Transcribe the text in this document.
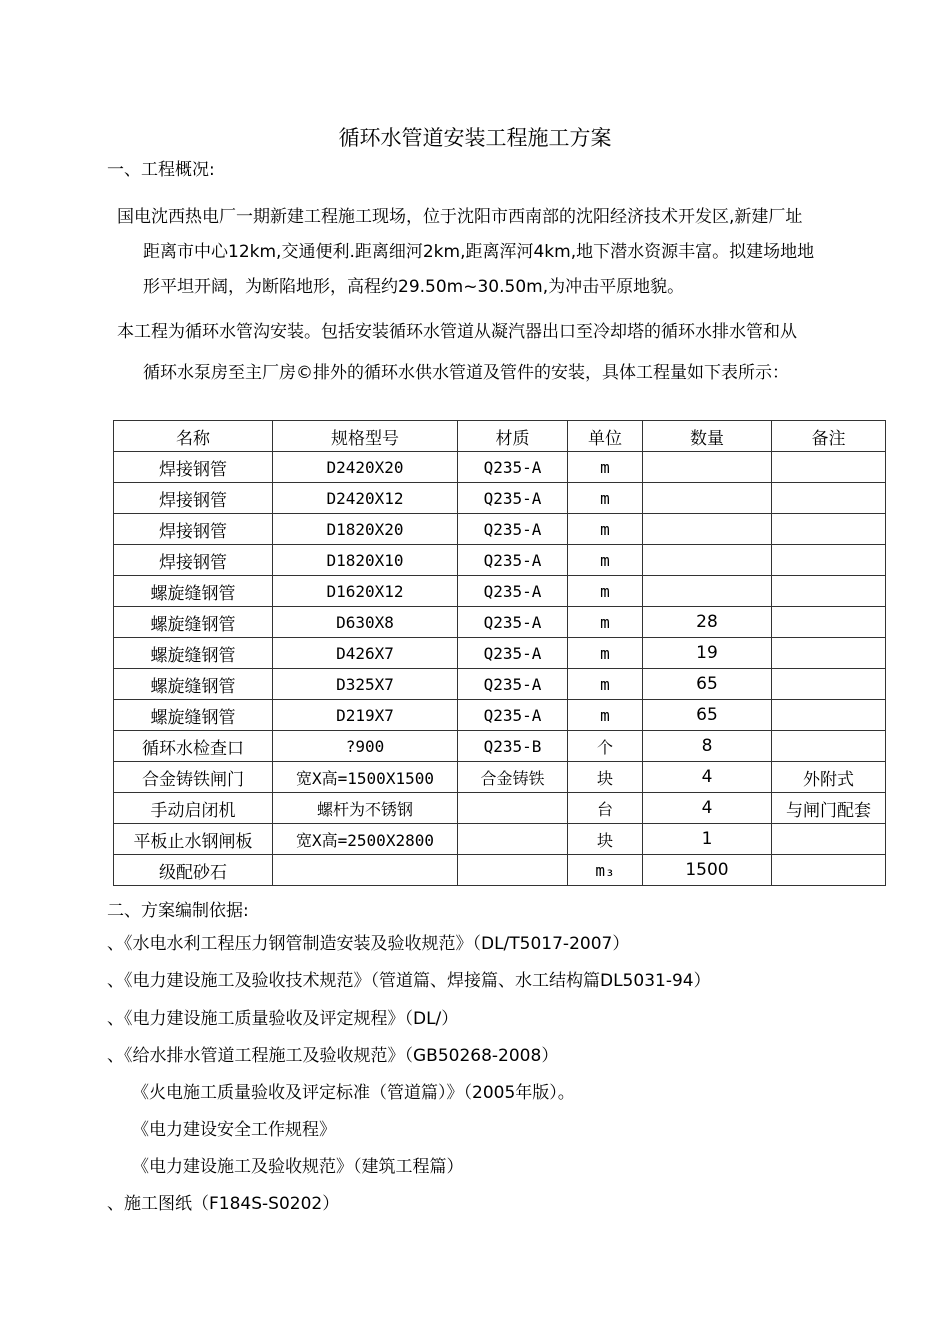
循环水管道安装工程施工方案
一、工程概况:
国电沈西热电厂一期新建工程施工现场，位于沈阳市西南部的沈阳经济技术开发区,新建厂址
距离市中心12km,交通便利.距离细河2km,距离浑河4km,地下潜水资源丰富。拟建场地地
形平坦开阔，为断陷地形，高程约29.50m~30.50m,为冲击平原地貌。
本工程为循环水管沟安装。包括安装循环水管道从凝汽器出口至冷却塔的循环水排水管和从
循环水泵房至主厂房©排外的循环水供水管道及管件的安装，具体工程量如下表所示：
名称	规格型号	材质	单位	数量	备注
焊接钢管	D2420X20	Q235-A	m		
焊接钢管	D2420X12	Q235-A	m		
焊接钢管	D1820X20	Q235-A	m		
焊接钢管	D1820X10	Q235-A	m		
螺旋缝钢管	D1620X12	Q235-A	m		
螺旋缝钢管	D630X8	Q235-A	m	28	
螺旋缝钢管	D426X7	Q235-A	m	19	
螺旋缝钢管	D325X7	Q235-A	m	65	
螺旋缝钢管	D219X7	Q235-A	m	65	
循环水检查口	?900	Q235-B	个	8	
合金铸铁闸门	宽X高=1500X1500	合金铸铁	块	4	外附式
手动启闭机	螺杆为不锈钢		台	4	与闸门配套
平板止水钢闸板	宽X高=2500X2800		块	1	
级配砂石			m₃	1500	
二、方案编制依据:
、《水电水利工程压力钢管制造安装及验收规范》（DL/T5017-2007）
、《电力建设施工及验收技术规范》（管道篇、焊接篇、水工结构篇DL5031-94）
、《电力建设施工质量验收及评定规程》（DL/）
、《给水排水管道工程施工及验收规范》（GB50268-2008）
《火电施工质量验收及评定标准（管道篇）》（2005年版）。
《电力建设安全工作规程》
《电力建设施工及验收规范》（建筑工程篇）
、施工图纸（F184S-S0202）
